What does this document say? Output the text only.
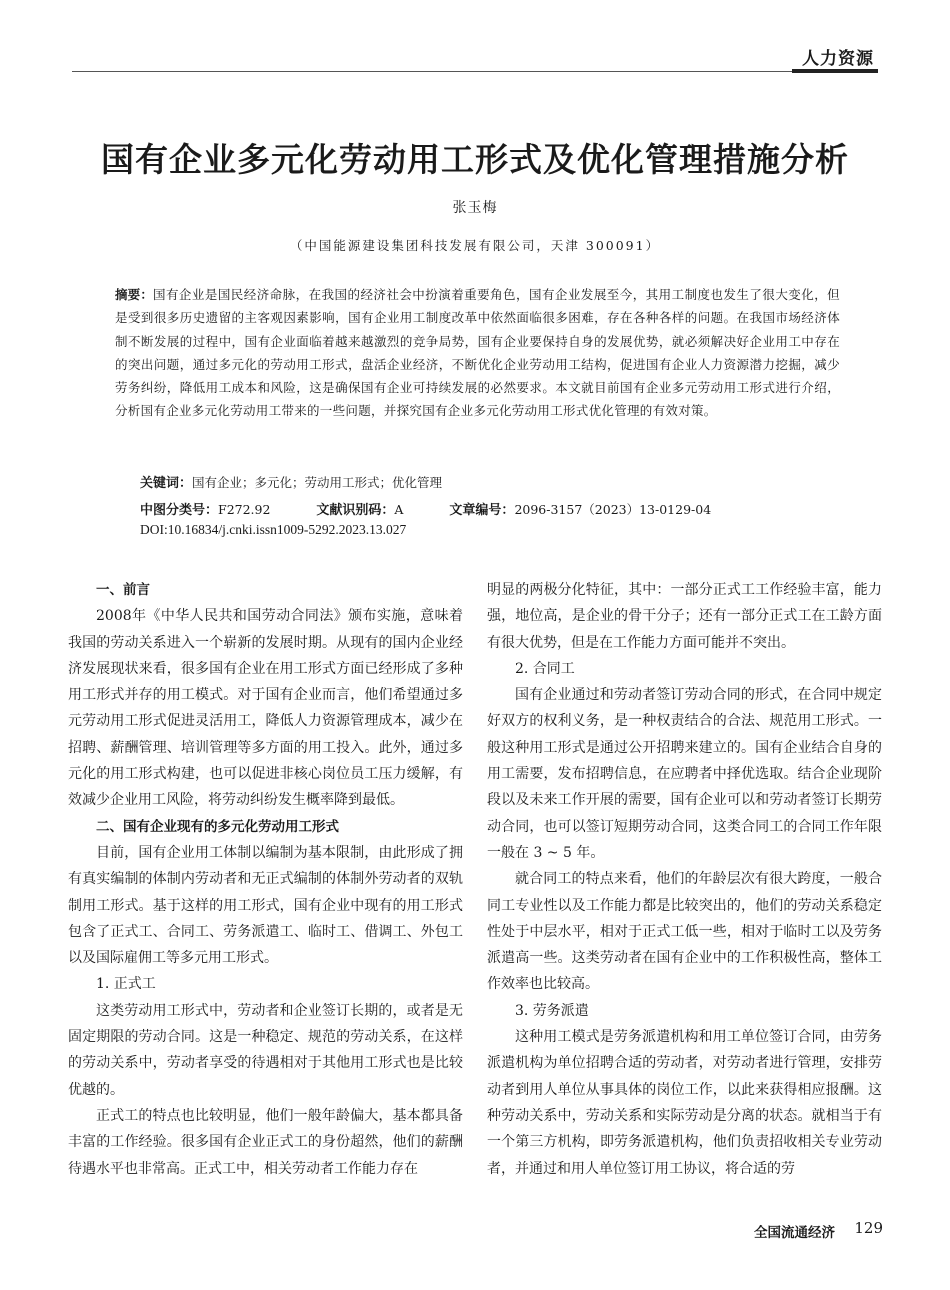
人力资源
国有企业多元化劳动用工形式及优化管理措施分析
张玉梅
（中国能源建设集团科技发展有限公司，天津 300091）
摘要：国有企业是国民经济命脉，在我国的经济社会中扮演着重要角色，国有企业发展至今，其用工制度也发生了很大变化，但是受到很多历史遗留的主客观因素影响，国有企业用工制度改革中依然面临很多困难，存在各种各样的问题。在我国市场经济体制不断发展的过程中，国有企业面临着越来越激烈的竞争局势，国有企业要保持自身的发展优势，就必须解决好企业用工中存在的突出问题，通过多元化的劳动用工形式，盘活企业经济，不断优化企业劳动用工结构，促进国有企业人力资源潜力挖掘，减少劳务纠纷，降低用工成本和风险，这是确保国有企业可持续发展的必然要求。本文就目前国有企业多元劳动用工形式进行介绍，分析国有企业多元化劳动用工带来的一些问题，并探究国有企业多元化劳动用工形式优化管理的有效对策。
关键词：国有企业；多元化；劳动用工形式；优化管理
中图分类号：F272.92	文献识别码：A	文章编号：2096-3157（2023）13-0129-04
DOI:10.16834/j.cnki.issn1009-5292.2023.13.027
一、前言

2008年《中华人民共和国劳动合同法》颁布实施，意味着我国的劳动关系进入一个崭新的发展时期。从现有的国内企业经济发展现状来看，很多国有企业在用工形式方面已经形成了多种用工形式并存的用工模式。对于国有企业而言，他们希望通过多元劳动用工形式促进灵活用工，降低人力资源管理成本，减少在招聘、薪酬管理、培训管理等多方面的用工投入。此外，通过多元化的用工形式构建，也可以促进非核心岗位员工压力缓解，有效减少企业用工风险，将劳动纠纷发生概率降到最低。

二、国有企业现有的多元化劳动用工形式

目前，国有企业用工体制以编制为基本限制，由此形成了拥有真实编制的体制内劳动者和无正式编制的体制外劳动者的双轨制用工形式。基于这样的用工形式，国有企业中现有的用工形式包含了正式工、合同工、劳务派遣工、临时工、借调工、外包工以及国际雇佣工等多元用工形式。

1. 正式工

这类劳动用工形式中，劳动者和企业签订长期的，或者是无固定期限的劳动合同。这是一种稳定、规范的劳动关系，在这样的劳动关系中，劳动者享受的待遇相对于其他用工形式也是比较优越的。

正式工的特点也比较明显，他们一般年龄偏大，基本都具备丰富的工作经验。很多国有企业正式工的身份超然，他们的薪酬待遇水平也非常高。正式工中，相关劳动者工作能力存在

明显的两极分化特征，其中：一部分正式工工作经验丰富，能力强，地位高，是企业的骨干分子；还有一部分正式工在工龄方面有很大优势，但是在工作能力方面可能并不突出。

2. 合同工

国有企业通过和劳动者签订劳动合同的形式，在合同中规定好双方的权利义务，是一种权责结合的合法、规范用工形式。一般这种用工形式是通过公开招聘来建立的。国有企业结合自身的用工需要，发布招聘信息，在应聘者中择优选取。结合企业现阶段以及未来工作开展的需要，国有企业可以和劳动者签订长期劳动合同，也可以签订短期劳动合同，这类合同工的合同工作年限一般在 3 ~ 5 年。

就合同工的特点来看，他们的年龄层次有很大跨度，一般合同工专业性以及工作能力都是比较突出的，他们的劳动关系稳定性处于中层水平，相对于正式工低一些，相对于临时工以及劳务派遣高一些。这类劳动者在国有企业中的工作积极性高，整体工作效率也比较高。

3. 劳务派遣

这种用工模式是劳务派遣机构和用工单位签订合同，由劳务派遣机构为单位招聘合适的劳动者，对劳动者进行管理，安排劳动者到用人单位从事具体的岗位工作，以此来获得相应报酬。这种劳动关系中，劳动关系和实际劳动是分离的状态。就相当于有一个第三方机构，即劳务派遣机构，他们负责招收相关专业劳动者，并通过和用人单位签订用工协议，将合适的劳

全国流通经济 129
